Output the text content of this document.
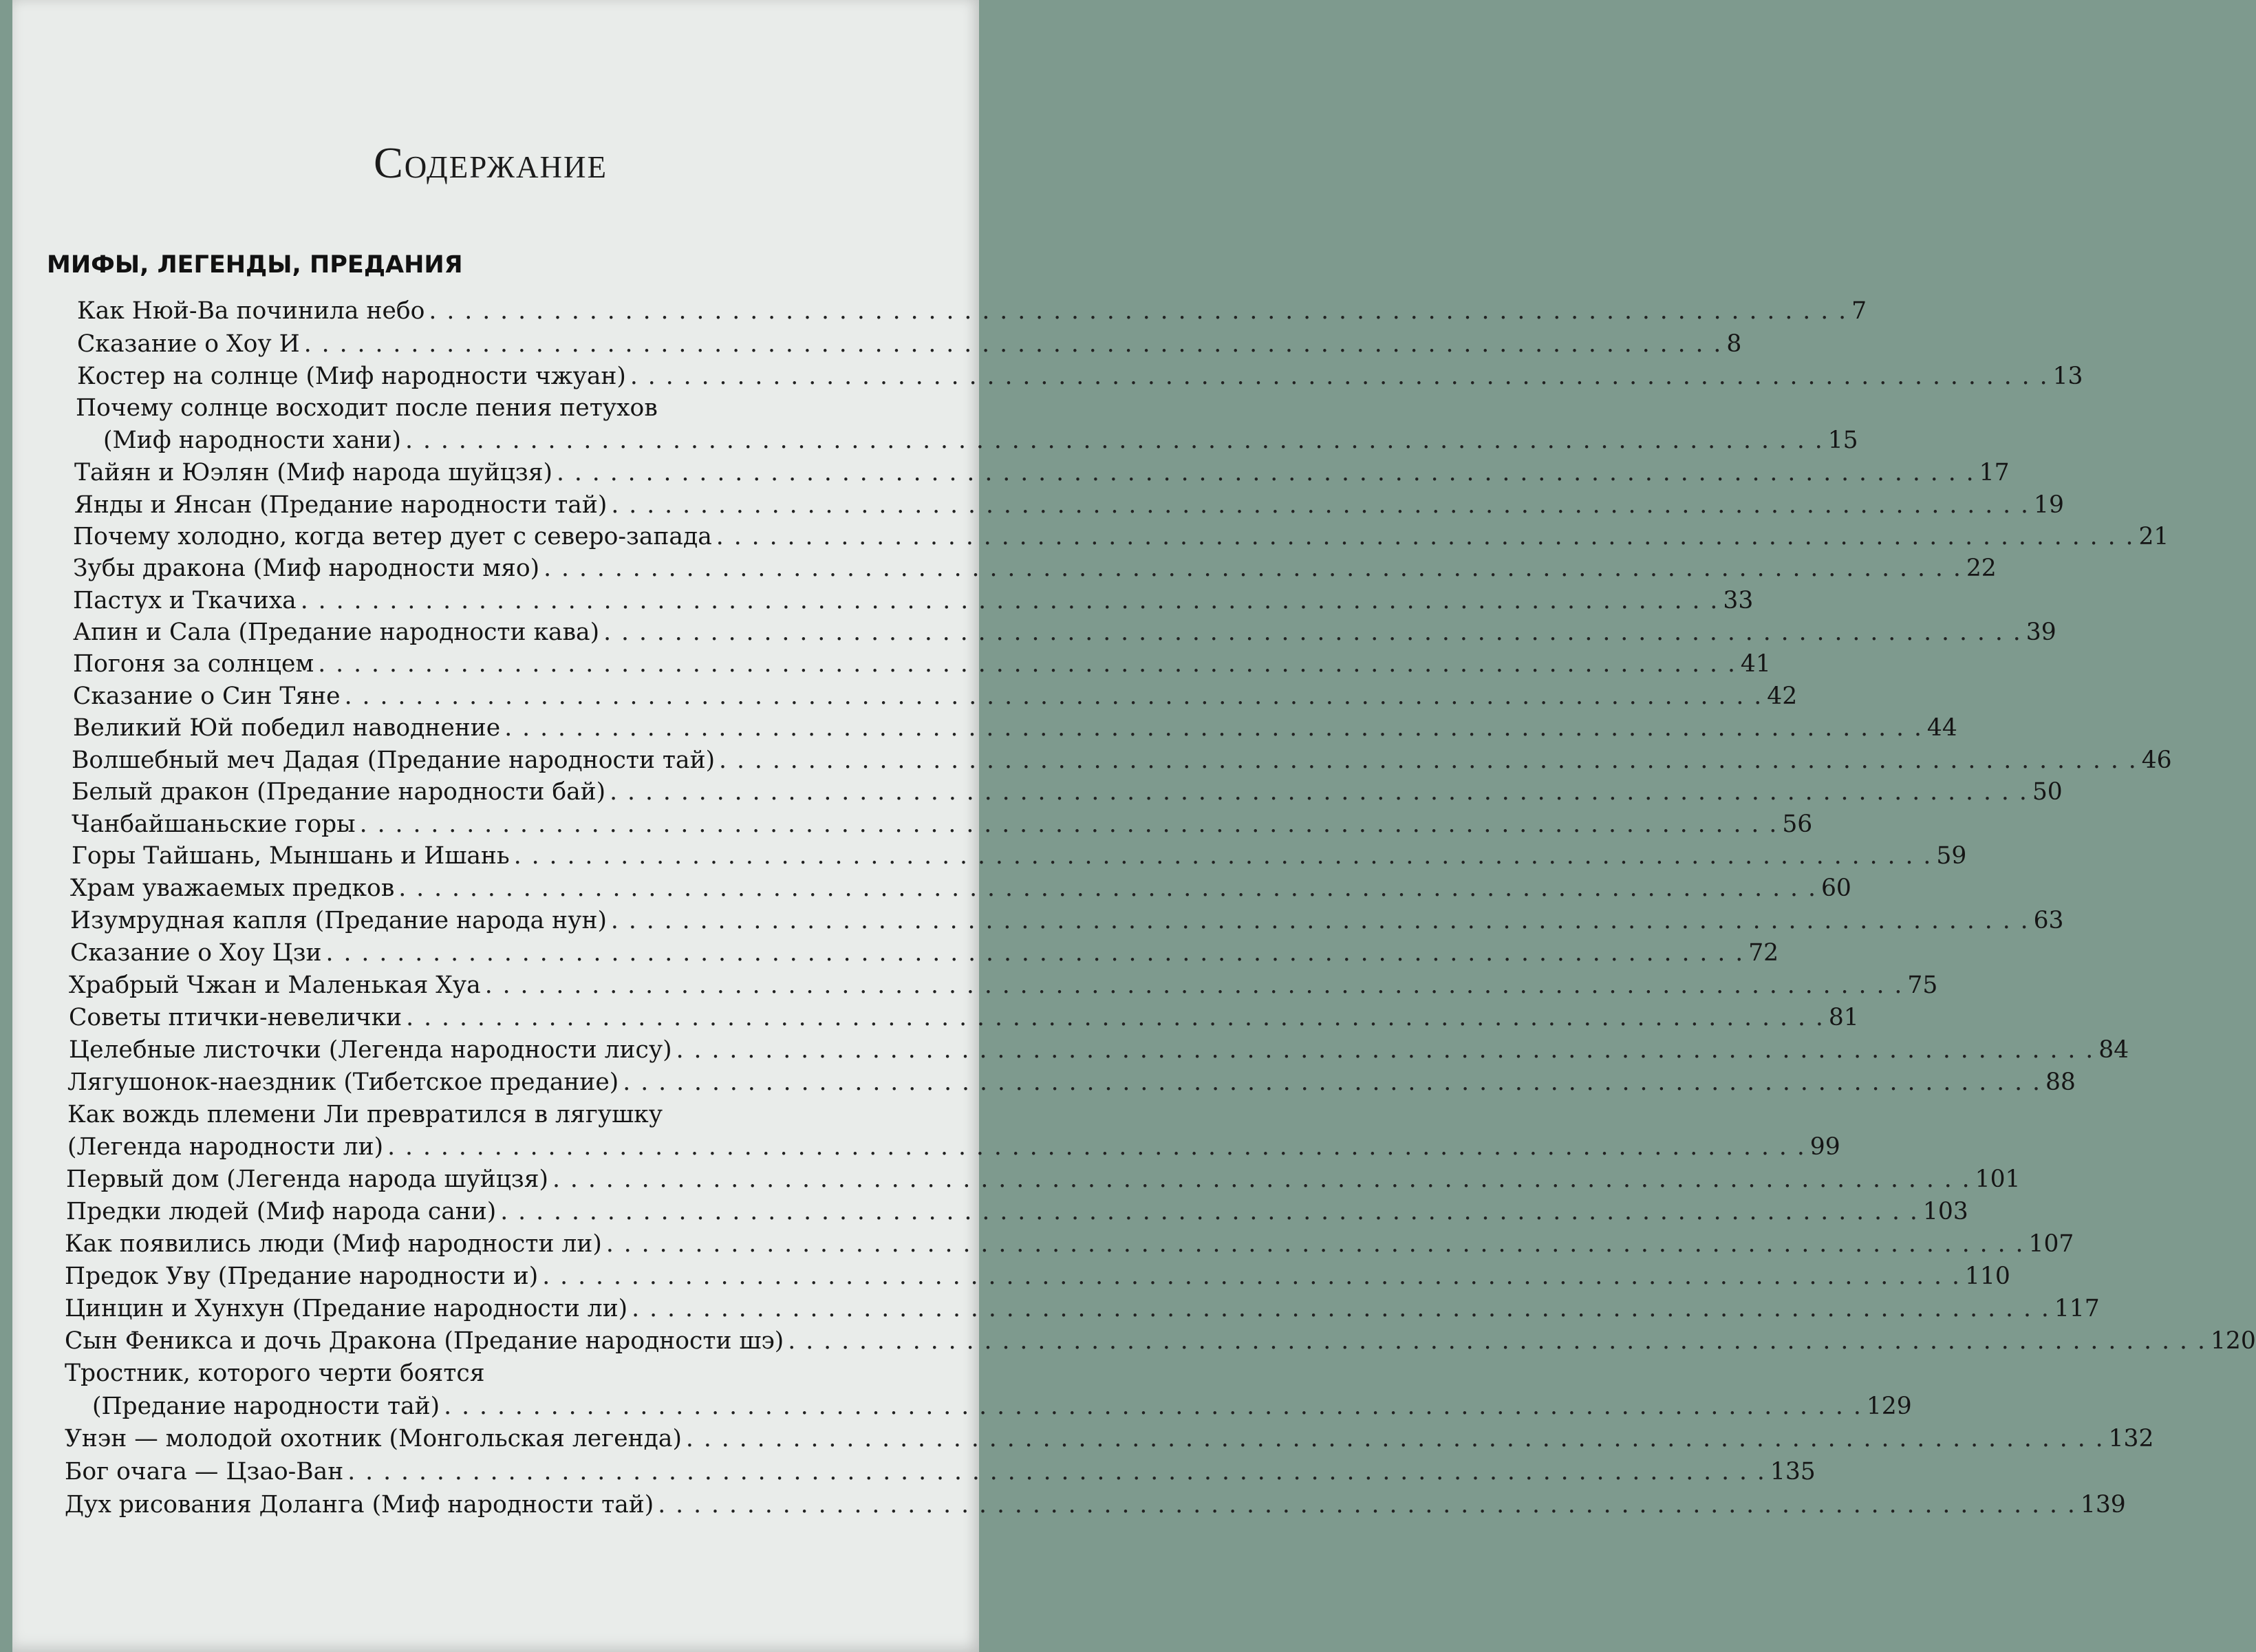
Содержание
МИФЫ, ЛЕГЕНДЫ, ПРЕДАНИЯ
Как Нюй-Ва починила небо . . . . . . . . . . . . . . . . . . . . . . . . . . . . . . . . . . . . . . . . . . . . . . . . . . . . . . . . . . . . . . . . . . . . . . . . . . . . . . . . 7
Сказание о Хоу И . . . . . . . . . . . . . . . . . . . . . . . . . . . . . . . . . . . . . . . . . . . . . . . . . . . . . . . . . . . . . . . . . . . . . . . . . . . . . . . . 8
Костер на солнце (Миф народности чжуан) . . . . . . . . . . . . . . . . . . . . . . . . . . . . . . . . . . . . . . . . . . . . . . . . . . . . . . . . . . . . . . . . . . . . . . . . . . . . . . . . 13
Почему солнце восходит после пения петухов
(Миф народности хани) . . . . . . . . . . . . . . . . . . . . . . . . . . . . . . . . . . . . . . . . . . . . . . . . . . . . . . . . . . . . . . . . . . . . . . . . . . . . . . . . 15
Тайян и Юэлян (Миф народа шуйцзя) . . . . . . . . . . . . . . . . . . . . . . . . . . . . . . . . . . . . . . . . . . . . . . . . . . . . . . . . . . . . . . . . . . . . . . . . . . . . . . . . 17
Янды и Янсан (Предание народности тай) . . . . . . . . . . . . . . . . . . . . . . . . . . . . . . . . . . . . . . . . . . . . . . . . . . . . . . . . . . . . . . . . . . . . . . . . . . . . . . . . 19
Почему холодно, когда ветер дует с северо-запада . . . . . . . . . . . . . . . . . . . . . . . . . . . . . . . . . . . . . . . . . . . . . . . . . . . . . . . . . . . . . . . . . . . . . . . . . . . . . . . . 21
Зубы дракона (Миф народности мяо) . . . . . . . . . . . . . . . . . . . . . . . . . . . . . . . . . . . . . . . . . . . . . . . . . . . . . . . . . . . . . . . . . . . . . . . . . . . . . . . . 22
Пастух и Ткачиха . . . . . . . . . . . . . . . . . . . . . . . . . . . . . . . . . . . . . . . . . . . . . . . . . . . . . . . . . . . . . . . . . . . . . . . . . . . . . . . . 33
Апин и Сала (Предание народности кава) . . . . . . . . . . . . . . . . . . . . . . . . . . . . . . . . . . . . . . . . . . . . . . . . . . . . . . . . . . . . . . . . . . . . . . . . . . . . . . . . 39
Погоня за солнцем . . . . . . . . . . . . . . . . . . . . . . . . . . . . . . . . . . . . . . . . . . . . . . . . . . . . . . . . . . . . . . . . . . . . . . . . . . . . . . . . 41
Сказание о Син Тяне . . . . . . . . . . . . . . . . . . . . . . . . . . . . . . . . . . . . . . . . . . . . . . . . . . . . . . . . . . . . . . . . . . . . . . . . . . . . . . . . 42
Великий Юй победил наводнение . . . . . . . . . . . . . . . . . . . . . . . . . . . . . . . . . . . . . . . . . . . . . . . . . . . . . . . . . . . . . . . . . . . . . . . . . . . . . . . . 44
Волшебный меч Дадая (Предание народности тай) . . . . . . . . . . . . . . . . . . . . . . . . . . . . . . . . . . . . . . . . . . . . . . . . . . . . . . . . . . . . . . . . . . . . . . . . . . . . . . . . 46
Белый дракон (Предание народности бай) . . . . . . . . . . . . . . . . . . . . . . . . . . . . . . . . . . . . . . . . . . . . . . . . . . . . . . . . . . . . . . . . . . . . . . . . . . . . . . . . 50
Чанбайшаньские горы . . . . . . . . . . . . . . . . . . . . . . . . . . . . . . . . . . . . . . . . . . . . . . . . . . . . . . . . . . . . . . . . . . . . . . . . . . . . . . . . 56
Горы Тайшань, Мыншань и Ишань . . . . . . . . . . . . . . . . . . . . . . . . . . . . . . . . . . . . . . . . . . . . . . . . . . . . . . . . . . . . . . . . . . . . . . . . . . . . . . . . 59
Храм уважаемых предков . . . . . . . . . . . . . . . . . . . . . . . . . . . . . . . . . . . . . . . . . . . . . . . . . . . . . . . . . . . . . . . . . . . . . . . . . . . . . . . . 60
Изумрудная капля (Предание народа нун) . . . . . . . . . . . . . . . . . . . . . . . . . . . . . . . . . . . . . . . . . . . . . . . . . . . . . . . . . . . . . . . . . . . . . . . . . . . . . . . . 63
Сказание о Хоу Цзи . . . . . . . . . . . . . . . . . . . . . . . . . . . . . . . . . . . . . . . . . . . . . . . . . . . . . . . . . . . . . . . . . . . . . . . . . . . . . . . . 72
Храбрый Чжан и Маленькая Хуа . . . . . . . . . . . . . . . . . . . . . . . . . . . . . . . . . . . . . . . . . . . . . . . . . . . . . . . . . . . . . . . . . . . . . . . . . . . . . . . . 75
Советы птички-невелички . . . . . . . . . . . . . . . . . . . . . . . . . . . . . . . . . . . . . . . . . . . . . . . . . . . . . . . . . . . . . . . . . . . . . . . . . . . . . . . . 81
Целебные листочки (Легенда народности лису) . . . . . . . . . . . . . . . . . . . . . . . . . . . . . . . . . . . . . . . . . . . . . . . . . . . . . . . . . . . . . . . . . . . . . . . . . . . . . . . . 84
Лягушонок-наездник (Тибетское предание) . . . . . . . . . . . . . . . . . . . . . . . . . . . . . . . . . . . . . . . . . . . . . . . . . . . . . . . . . . . . . . . . . . . . . . . . . . . . . . . . 88
Как вождь племени Ли превратился в лягушку
(Легенда народности ли) . . . . . . . . . . . . . . . . . . . . . . . . . . . . . . . . . . . . . . . . . . . . . . . . . . . . . . . . . . . . . . . . . . . . . . . . . . . . . . . . 99
Первый дом (Легенда народа шуйцзя) . . . . . . . . . . . . . . . . . . . . . . . . . . . . . . . . . . . . . . . . . . . . . . . . . . . . . . . . . . . . . . . . . . . . . . . . . . . . . . . . 101
Предки людей (Миф народа сани) . . . . . . . . . . . . . . . . . . . . . . . . . . . . . . . . . . . . . . . . . . . . . . . . . . . . . . . . . . . . . . . . . . . . . . . . . . . . . . . . 103
Как появились люди (Миф народности ли) . . . . . . . . . . . . . . . . . . . . . . . . . . . . . . . . . . . . . . . . . . . . . . . . . . . . . . . . . . . . . . . . . . . . . . . . . . . . . . . . 107
Предок Уву (Предание народности и) . . . . . . . . . . . . . . . . . . . . . . . . . . . . . . . . . . . . . . . . . . . . . . . . . . . . . . . . . . . . . . . . . . . . . . . . . . . . . . . . 110
Цинцин и Хунхун (Предание народности ли) . . . . . . . . . . . . . . . . . . . . . . . . . . . . . . . . . . . . . . . . . . . . . . . . . . . . . . . . . . . . . . . . . . . . . . . . . . . . . . . . 117
Сын Феникса и дочь Дракона (Предание народности шэ) . . . . . . . . . . . . . . . . . . . . . . . . . . . . . . . . . . . . . . . . . . . . . . . . . . . . . . . . . . . . . . . . . . . . . . . . . . . . . . . . 120
Тростник, которого черти боятся
(Предание народности тай) . . . . . . . . . . . . . . . . . . . . . . . . . . . . . . . . . . . . . . . . . . . . . . . . . . . . . . . . . . . . . . . . . . . . . . . . . . . . . . . . 129
Унэн — молодой охотник (Монгольская легенда) . . . . . . . . . . . . . . . . . . . . . . . . . . . . . . . . . . . . . . . . . . . . . . . . . . . . . . . . . . . . . . . . . . . . . . . . . . . . . . . . 132
Бог очага — Цзао-Ван . . . . . . . . . . . . . . . . . . . . . . . . . . . . . . . . . . . . . . . . . . . . . . . . . . . . . . . . . . . . . . . . . . . . . . . . . . . . . . . . 135
Дух рисования Доланга (Миф народности тай) . . . . . . . . . . . . . . . . . . . . . . . . . . . . . . . . . . . . . . . . . . . . . . . . . . . . . . . . . . . . . . . . . . . . . . . . . . . . . . . . 139
